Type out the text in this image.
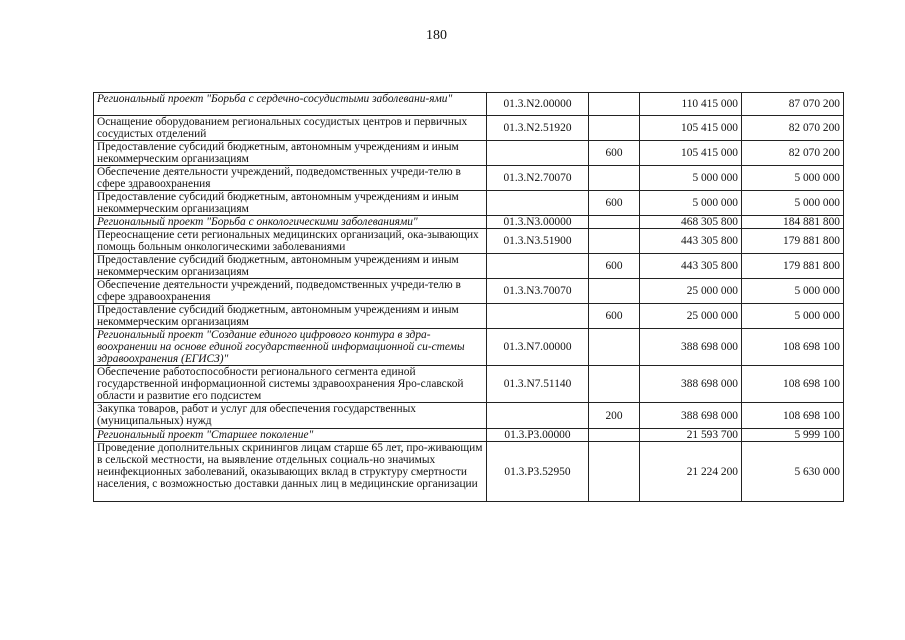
180
Региональный проект "Борьба с сердечно-сосудистыми заболевани-ями"	01.3.N2.00000		110 415 000	87 070 200
Оснащение оборудованием региональных сосудистых центров и первичных сосудистых отделений	01.3.N2.51920		105 415 000	82 070 200
Предоставление субсидий бюджетным, автономным учреждениям и иным некоммерческим организациям		600	105 415 000	82 070 200
Обеспечение деятельности учреждений, подведомственных учреди-телю в сфере здравоохранения	01.3.N2.70070		5 000 000	5 000 000
Предоставление субсидий бюджетным, автономным учреждениям и иным некоммерческим организациям		600	5 000 000	5 000 000
Региональный проект "Борьба с онкологическими заболеваниями"	01.3.N3.00000		468 305 800	184 881 800
Переоснащение сети региональных медицинских организаций, ока-зывающих помощь больным онкологическими заболеваниями	01.3.N3.51900		443 305 800	179 881 800
Предоставление субсидий бюджетным, автономным учреждениям и иным некоммерческим организациям		600	443 305 800	179 881 800
Обеспечение деятельности учреждений, подведомственных учреди-телю в сфере здравоохранения	01.3.N3.70070		25 000 000	5 000 000
Предоставление субсидий бюджетным, автономным учреждениям и иным некоммерческим организациям		600	25 000 000	5 000 000
Региональный проект "Создание единого цифрового контура в здра-воохранении на основе единой государственной информационной си-стемы здравоохранения (ЕГИСЗ)"	01.3.N7.00000		388 698 000	108 698 100
Обеспечение работоспособности регионального сегмента единой государственной информационной системы здравоохранения Яро-славской области и развитие его подсистем	01.3.N7.51140		388 698 000	108 698 100
Закупка товаров, работ и услуг для обеспечения государственных (муниципальных) нужд		200	388 698 000	108 698 100
Региональный проект "Старшее поколение"	01.3.P3.00000		21 593 700	5 999 100
Проведение дополнительных скринингов лицам старше 65 лет, про-живающим в сельской местности, на выявление отдельных социаль-но значимых неинфекционных заболеваний, оказывающих вклад в структуру смертности населения, с возможностью доставки данных лиц в медицинские организации	01.3.P3.52950		21 224 200	5 630 000
